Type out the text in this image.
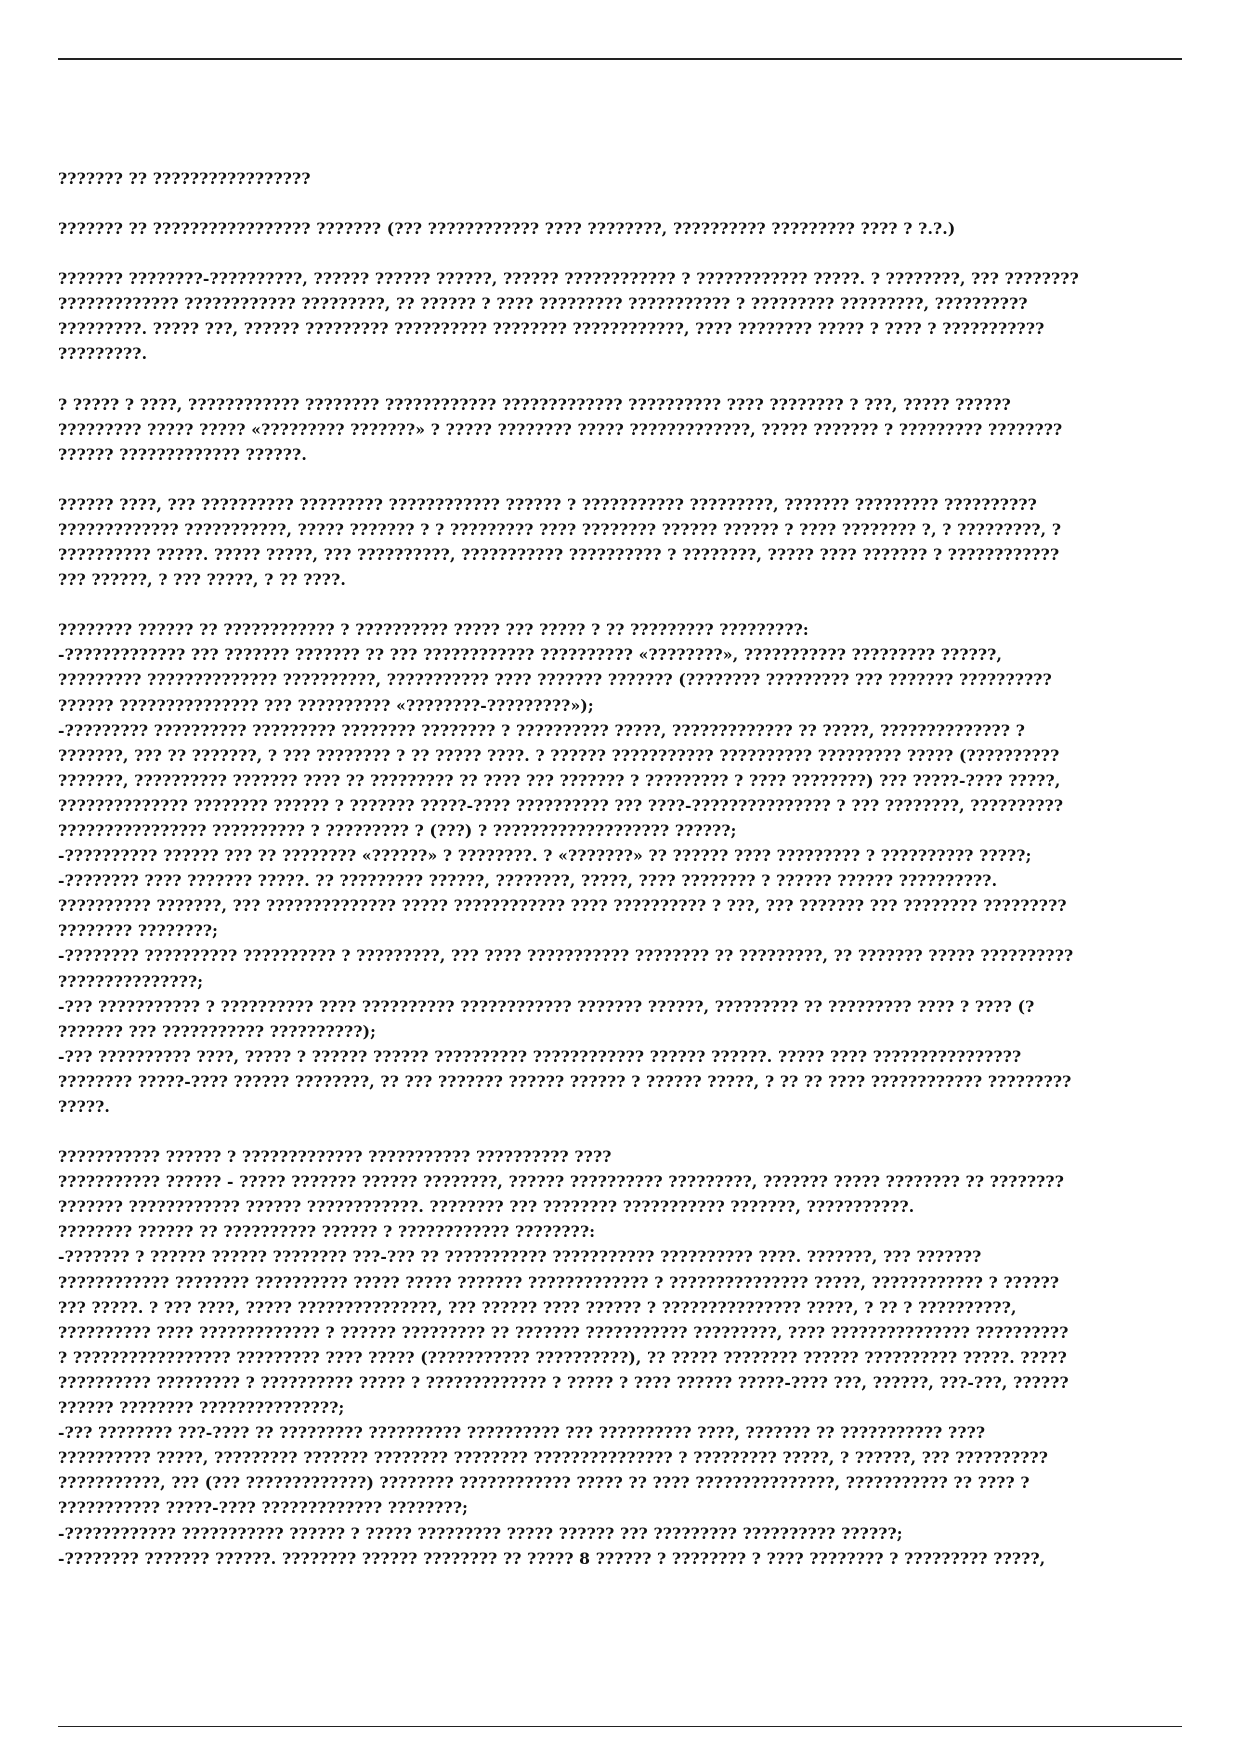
??????? ?? ?????????????????

??????? ?? ????????????????? ??????? (??? ???????????? ???? ????????, ?????????? ????????? ???? ? ?.?.)

??????? ????????-??????????, ?????? ?????? ??????, ?????? ???????????? ? ???????????? ?????. ? ????????, ??? ????????
????????????? ???????????? ?????????, ?? ?????? ? ???? ????????? ??????????? ? ????????? ?????????, ??????????
?????????. ????? ???, ?????? ????????? ?????????? ???????? ????????????, ???? ???????? ????? ? ???? ? ???????????
?????????.

? ????? ? ????, ???????????? ???????? ???????????? ????????????? ?????????? ???? ???????? ? ???, ????? ??????
????????? ????? ????? «????????? ???????» ? ????? ???????? ????? ?????????????, ????? ??????? ? ????????? ????????
?????? ????????????? ??????.

?????? ????, ??? ?????????? ????????? ???????????? ?????? ? ??????????? ?????????, ??????? ????????? ??????????
????????????? ???????????, ????? ??????? ? ? ????????? ???? ???????? ?????? ?????? ? ???? ???????? ?, ? ?????????, ?
?????????? ?????. ????? ?????, ??? ??????????, ??????????? ?????????? ? ????????, ????? ???? ??????? ? ????????????
??? ??????, ? ??? ?????, ? ?? ????.

???????? ?????? ?? ???????????? ? ?????????? ????? ??? ????? ? ?? ????????? ?????????:

-????????????? ??? ??????? ??????? ?? ??? ???????????? ?????????? «????????», ??????????? ????????? ??????,
????????? ?????????????? ??????????, ??????????? ???? ??????? ??????? (???????? ????????? ??? ??????? ??????????
?????? ??????????????? ??? ?????????? «????????-?????????»);

-????????? ?????????? ????????? ???????? ???????? ? ?????????? ?????, ????????????? ?? ?????, ?????????????? ?
???????, ??? ?? ???????, ? ??? ???????? ? ?? ????? ????. ? ?????? ??????????? ?????????? ????????? ????? (??????????
???????, ?????????? ??????? ???? ?? ????????? ?? ???? ??? ??????? ? ????????? ? ???? ????????) ??? ?????-???? ?????,
?????????????? ???????? ?????? ? ??????? ?????-???? ?????????? ??? ????-??????????????? ? ??? ????????, ??????????
???????????????? ?????????? ? ????????? ? (???) ? ??????????????????? ??????;

-?????????? ?????? ??? ?? ???????? «??????» ? ????????. ? «???????» ?? ?????? ???? ????????? ? ?????????? ?????;

-???????? ???? ??????? ?????. ?? ????????? ??????, ????????, ?????, ???? ???????? ? ?????? ?????? ??????????.
?????????? ???????, ??? ?????????????? ????? ???????????? ???? ?????????? ? ???, ??? ??????? ??? ???????? ?????????
???????? ????????;

-???????? ?????????? ?????????? ? ?????????, ??? ???? ??????????? ???????? ?? ?????????, ?? ??????? ????? ??????????
???????????????;

-??? ??????????? ? ?????????? ???? ?????????? ???????????? ??????? ??????, ????????? ?? ????????? ???? ? ???? (?
??????? ??? ??????????? ??????????);

-??? ?????????? ????, ????? ? ?????? ?????? ?????????? ???????????? ?????? ??????. ????? ???? ????????????????
???????? ?????-???? ?????? ????????, ?? ??? ??????? ?????? ?????? ? ?????? ?????, ? ?? ?? ???? ???????????? ?????????
?????.

??????????? ?????? ? ????????????? ??????????? ?????????? ????

??????????? ?????? - ????? ??????? ?????? ????????, ?????? ?????????? ?????????, ??????? ????? ???????? ?? ????????
??????? ???????????? ?????? ????????????. ???????? ??? ???????? ??????????? ???????, ???????????.

???????? ?????? ?? ?????????? ?????? ? ???????????? ????????:

-??????? ? ?????? ?????? ???????? ???-??? ?? ??????????? ??????????? ?????????? ????. ???????, ??? ???????
???????????? ???????? ?????????? ????? ????? ??????? ????????????? ? ??????????????? ?????, ???????????? ? ??????
??? ?????. ? ??? ????, ????? ???????????????, ??? ?????? ???? ?????? ? ??????????????? ?????, ? ?? ? ??????????,
?????????? ???? ????????????? ? ?????? ????????? ?? ??????? ??????????? ?????????, ???? ??????????????? ??????????
? ????????????????? ????????? ???? ????? (??????????? ??????????), ?? ????? ???????? ?????? ?????????? ?????. ?????
?????????? ????????? ? ?????????? ????? ? ????????????? ? ????? ? ???? ?????? ?????-???? ???, ??????, ???-???, ??????
?????? ???????? ???????????????;

-??? ???????? ???-???? ?? ????????? ?????????? ?????????? ??? ?????????? ????, ??????? ?? ??????????? ????
?????????? ?????, ????????? ??????? ???????? ???????? ??????????????? ? ????????? ?????, ? ??????, ??? ??????????
???????????, ??? (??? ?????????????) ???????? ???????????? ????? ?? ???? ???????????????, ??????????? ?? ???? ?
??????????? ?????-???? ????????????? ????????;

-???????????? ??????????? ?????? ? ????? ????????? ????? ?????? ??? ????????? ?????????? ??????;

-???????? ??????? ??????. ???????? ?????? ???????? ?? ????? 8 ?????? ? ???????? ? ???? ???????? ? ????????? ?????,
